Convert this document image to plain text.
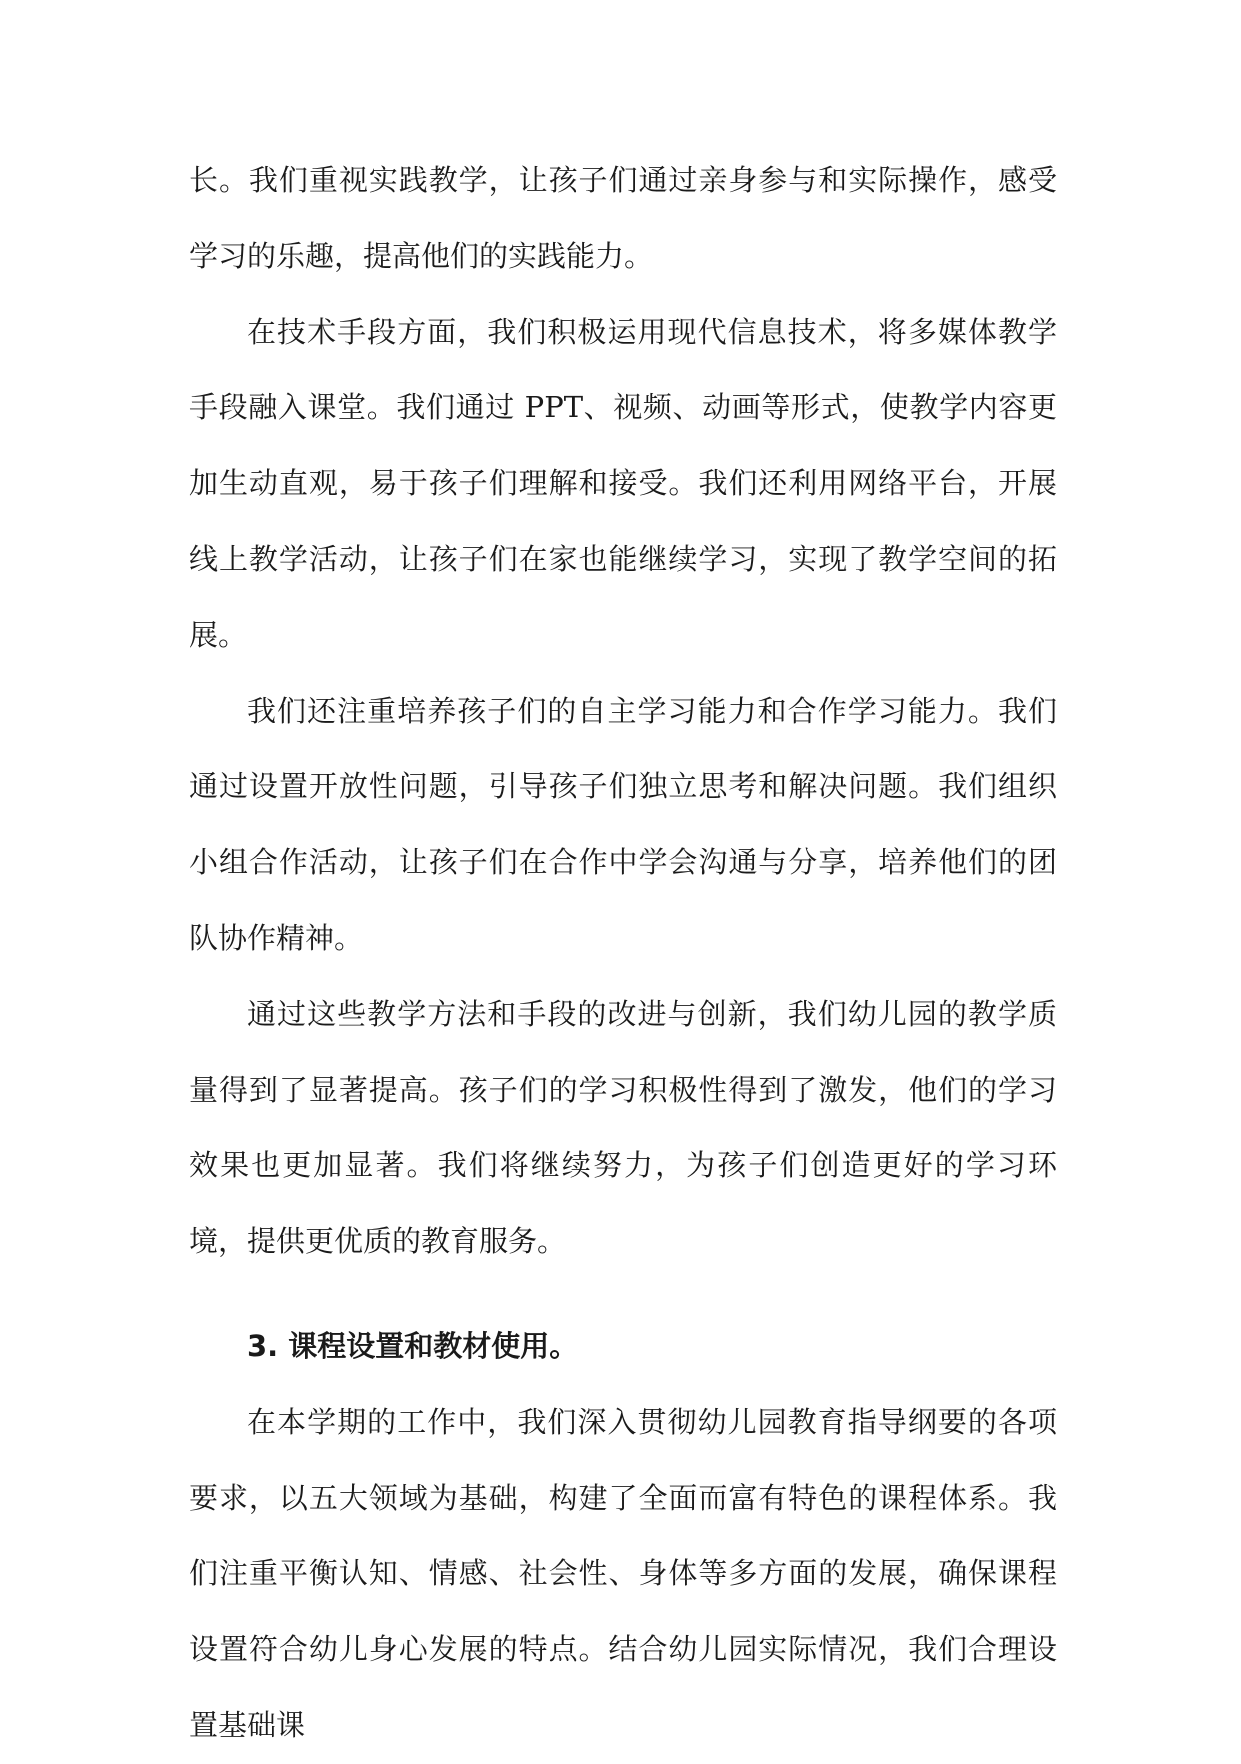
长。我们重视实践教学，让孩子们通过亲身参与和实际操作，感受学习的乐趣，提高他们的实践能力。

在技术手段方面，我们积极运用现代信息技术，将多媒体教学手段融入课堂。我们通过 PPT、视频、动画等形式，使教学内容更加生动直观，易于孩子们理解和接受。我们还利用网络平台，开展线上教学活动，让孩子们在家也能继续学习，实现了教学空间的拓展。

我们还注重培养孩子们的自主学习能力和合作学习能力。我们通过设置开放性问题，引导孩子们独立思考和解决问题。我们组织小组合作活动，让孩子们在合作中学会沟通与分享，培养他们的团队协作精神。

通过这些教学方法和手段的改进与创新，我们幼儿园的教学质量得到了显著提高。孩子们的学习积极性得到了激发，他们的学习效果也更加显著。我们将继续努力，为孩子们创造更好的学习环境，提供更优质的教育服务。

3. 课程设置和教材使用。

在本学期的工作中，我们深入贯彻幼儿园教育指导纲要的各项要求，以五大领域为基础，构建了全面而富有特色的课程体系。我们注重平衡认知、情感、社会性、身体等多方面的发展，确保课程设置符合幼儿身心发展的特点。结合幼儿园实际情况，我们合理设置基础课
